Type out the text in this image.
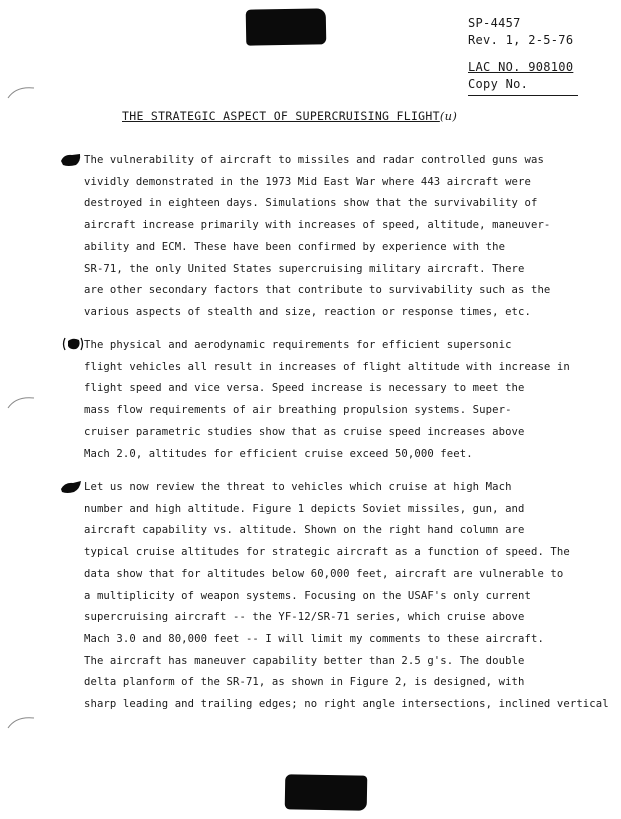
SP-4457
Rev. 1, 2-5-76
LAC NO. 908100
Copy No.
THE STRATEGIC ASPECT OF SUPERCRUISING FLIGHT(u)
The vulnerability of aircraft to missiles and radar controlled guns was
vividly demonstrated in the 1973 Mid East War where 443 aircraft were
destroyed in eighteen days. Simulations show that the survivability of
aircraft increase primarily with increases of speed, altitude, maneuver-
ability and ECM. These have been confirmed by experience with the
SR-71, the only United States supercruising military aircraft. There
are other secondary factors that contribute to survivability such as the
various aspects of stealth and size, reaction or response times, etc.
The physical and aerodynamic requirements for efficient supersonic
flight vehicles all result in increases of flight altitude with increase in
flight speed and vice versa. Speed increase is necessary to meet the
mass flow requirements of air breathing propulsion systems. Super-
cruiser parametric studies show that as cruise speed increases above
Mach 2.0, altitudes for efficient cruise exceed 50,000 feet.
Let us now review the threat to vehicles which cruise at high Mach
number and high altitude. Figure 1 depicts Soviet missiles, gun, and
aircraft capability vs. altitude. Shown on the right hand column are
typical cruise altitudes for strategic aircraft as a function of speed. The
data show that for altitudes below 60,000 feet, aircraft are vulnerable to
a multiplicity of weapon systems. Focusing on the USAF's only current
supercruising aircraft -- the YF-12/SR-71 series, which cruise above
Mach 3.0 and 80,000 feet -- I will limit my comments to these aircraft.
The aircraft has maneuver capability better than 2.5 g's. The double
delta planform of the SR-71, as shown in Figure 2, is designed, with
sharp leading and trailing edges; no right angle intersections, inclined vertical
